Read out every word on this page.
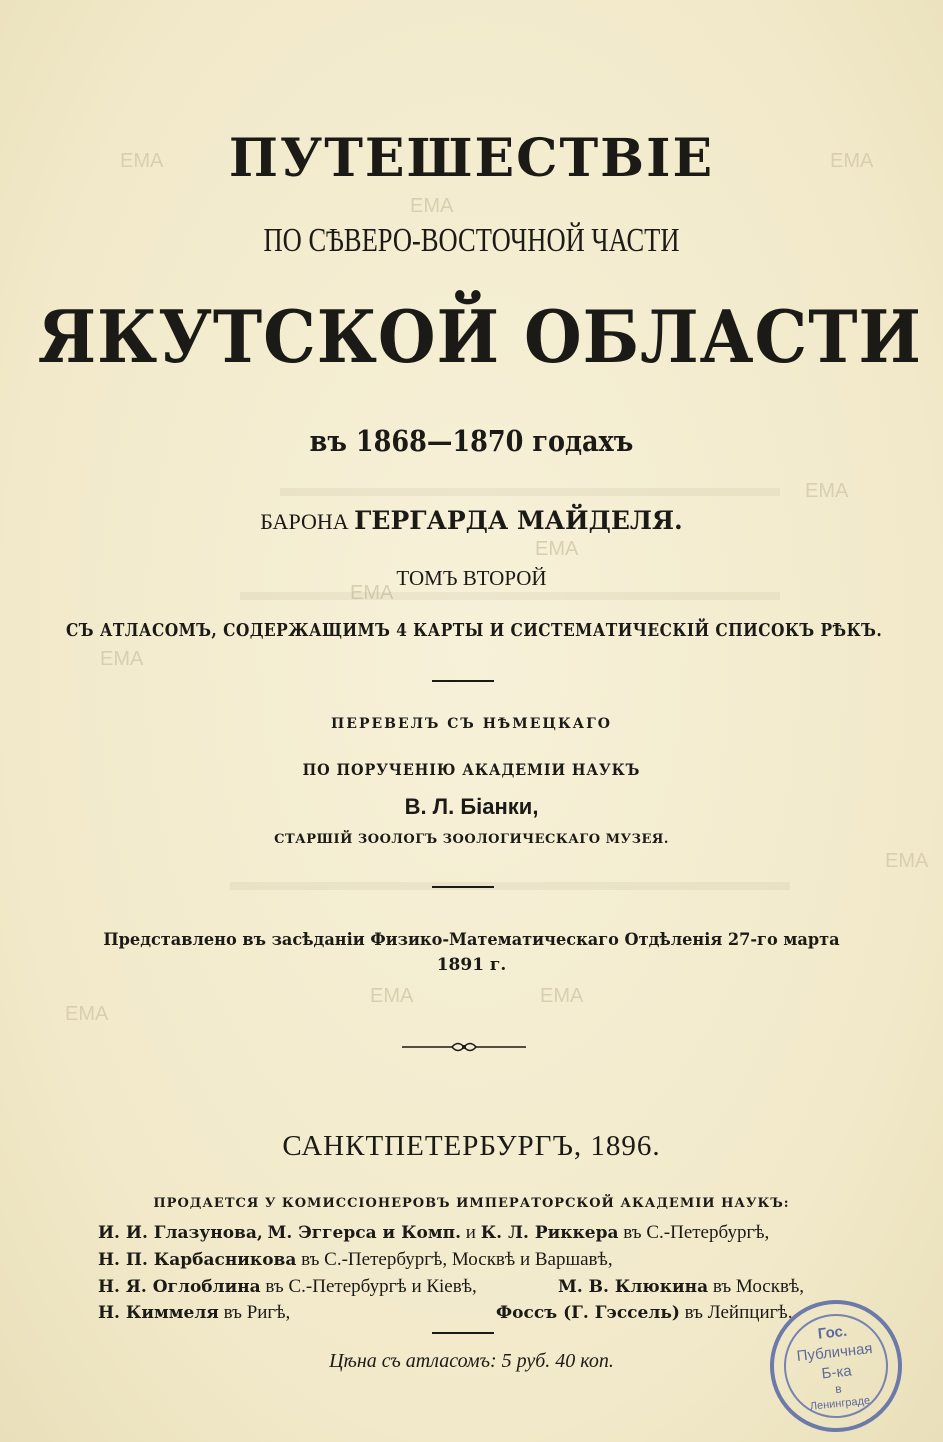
EMA
EMA
EMA
EMA
EMA
EMA
EMA
EMA
EMA	EMA
EMA
ПУТЕШЕСТВІЕ
ПО СѢВЕРО-ВОСТОЧНОЙ ЧАСТИ
ЯКУТСКОЙ ОБЛАСТИ
въ 1868—1870 годахъ
БАРОНА ГЕРГАРДА МАЙДЕЛЯ.
ТОМЪ ВТОРОЙ
СЪ АТЛАСОМЪ, СОДЕРЖАЩИМЪ 4 КАРТЫ И СИСТЕМАТИЧЕСКІЙ СПИСОКЪ РѢКЪ.
ПЕРЕВЕЛЪ СЪ НѢМЕЦКАГО
ПО ПОРУЧЕНІЮ АКАДЕМІИ НАУКЪ
В. Л. Біанки,
СТАРШІЙ ЗООЛОГЪ ЗООЛОГИЧЕСКАГО МУЗЕЯ.
Представлено въ засѣданіи Физико-Математическаго Отдѣленія 27-го марта
1891 г.
САНКТПЕТЕРБУРГЪ, 1896.
ПРОДАЕТСЯ У КОМИССІОНЕРОВЪ ИМПЕРАТОРСКОЙ АКАДЕМІИ НАУКЪ:
И. И. Глазунова, М. Эггерса и Комп. и К. Л. Риккера въ С.-Петербургѣ,
Н. П. Карбасникова въ С.-Петербургѣ, Москвѣ и Варшавѣ,
Н. Я. Оглоблина въ С.-Петербургѣ и Кіевѣ,	М. В. Клюкина въ Москвѣ,
Н. Киммеля въ Ригѣ,	Фоссъ (Г. Гэссель) въ Лейпцигѣ.
Цѣна съ атласомъ: 5 руб. 40 коп.
Гос.
Публичная
Б-ка
в
Ленинграде
